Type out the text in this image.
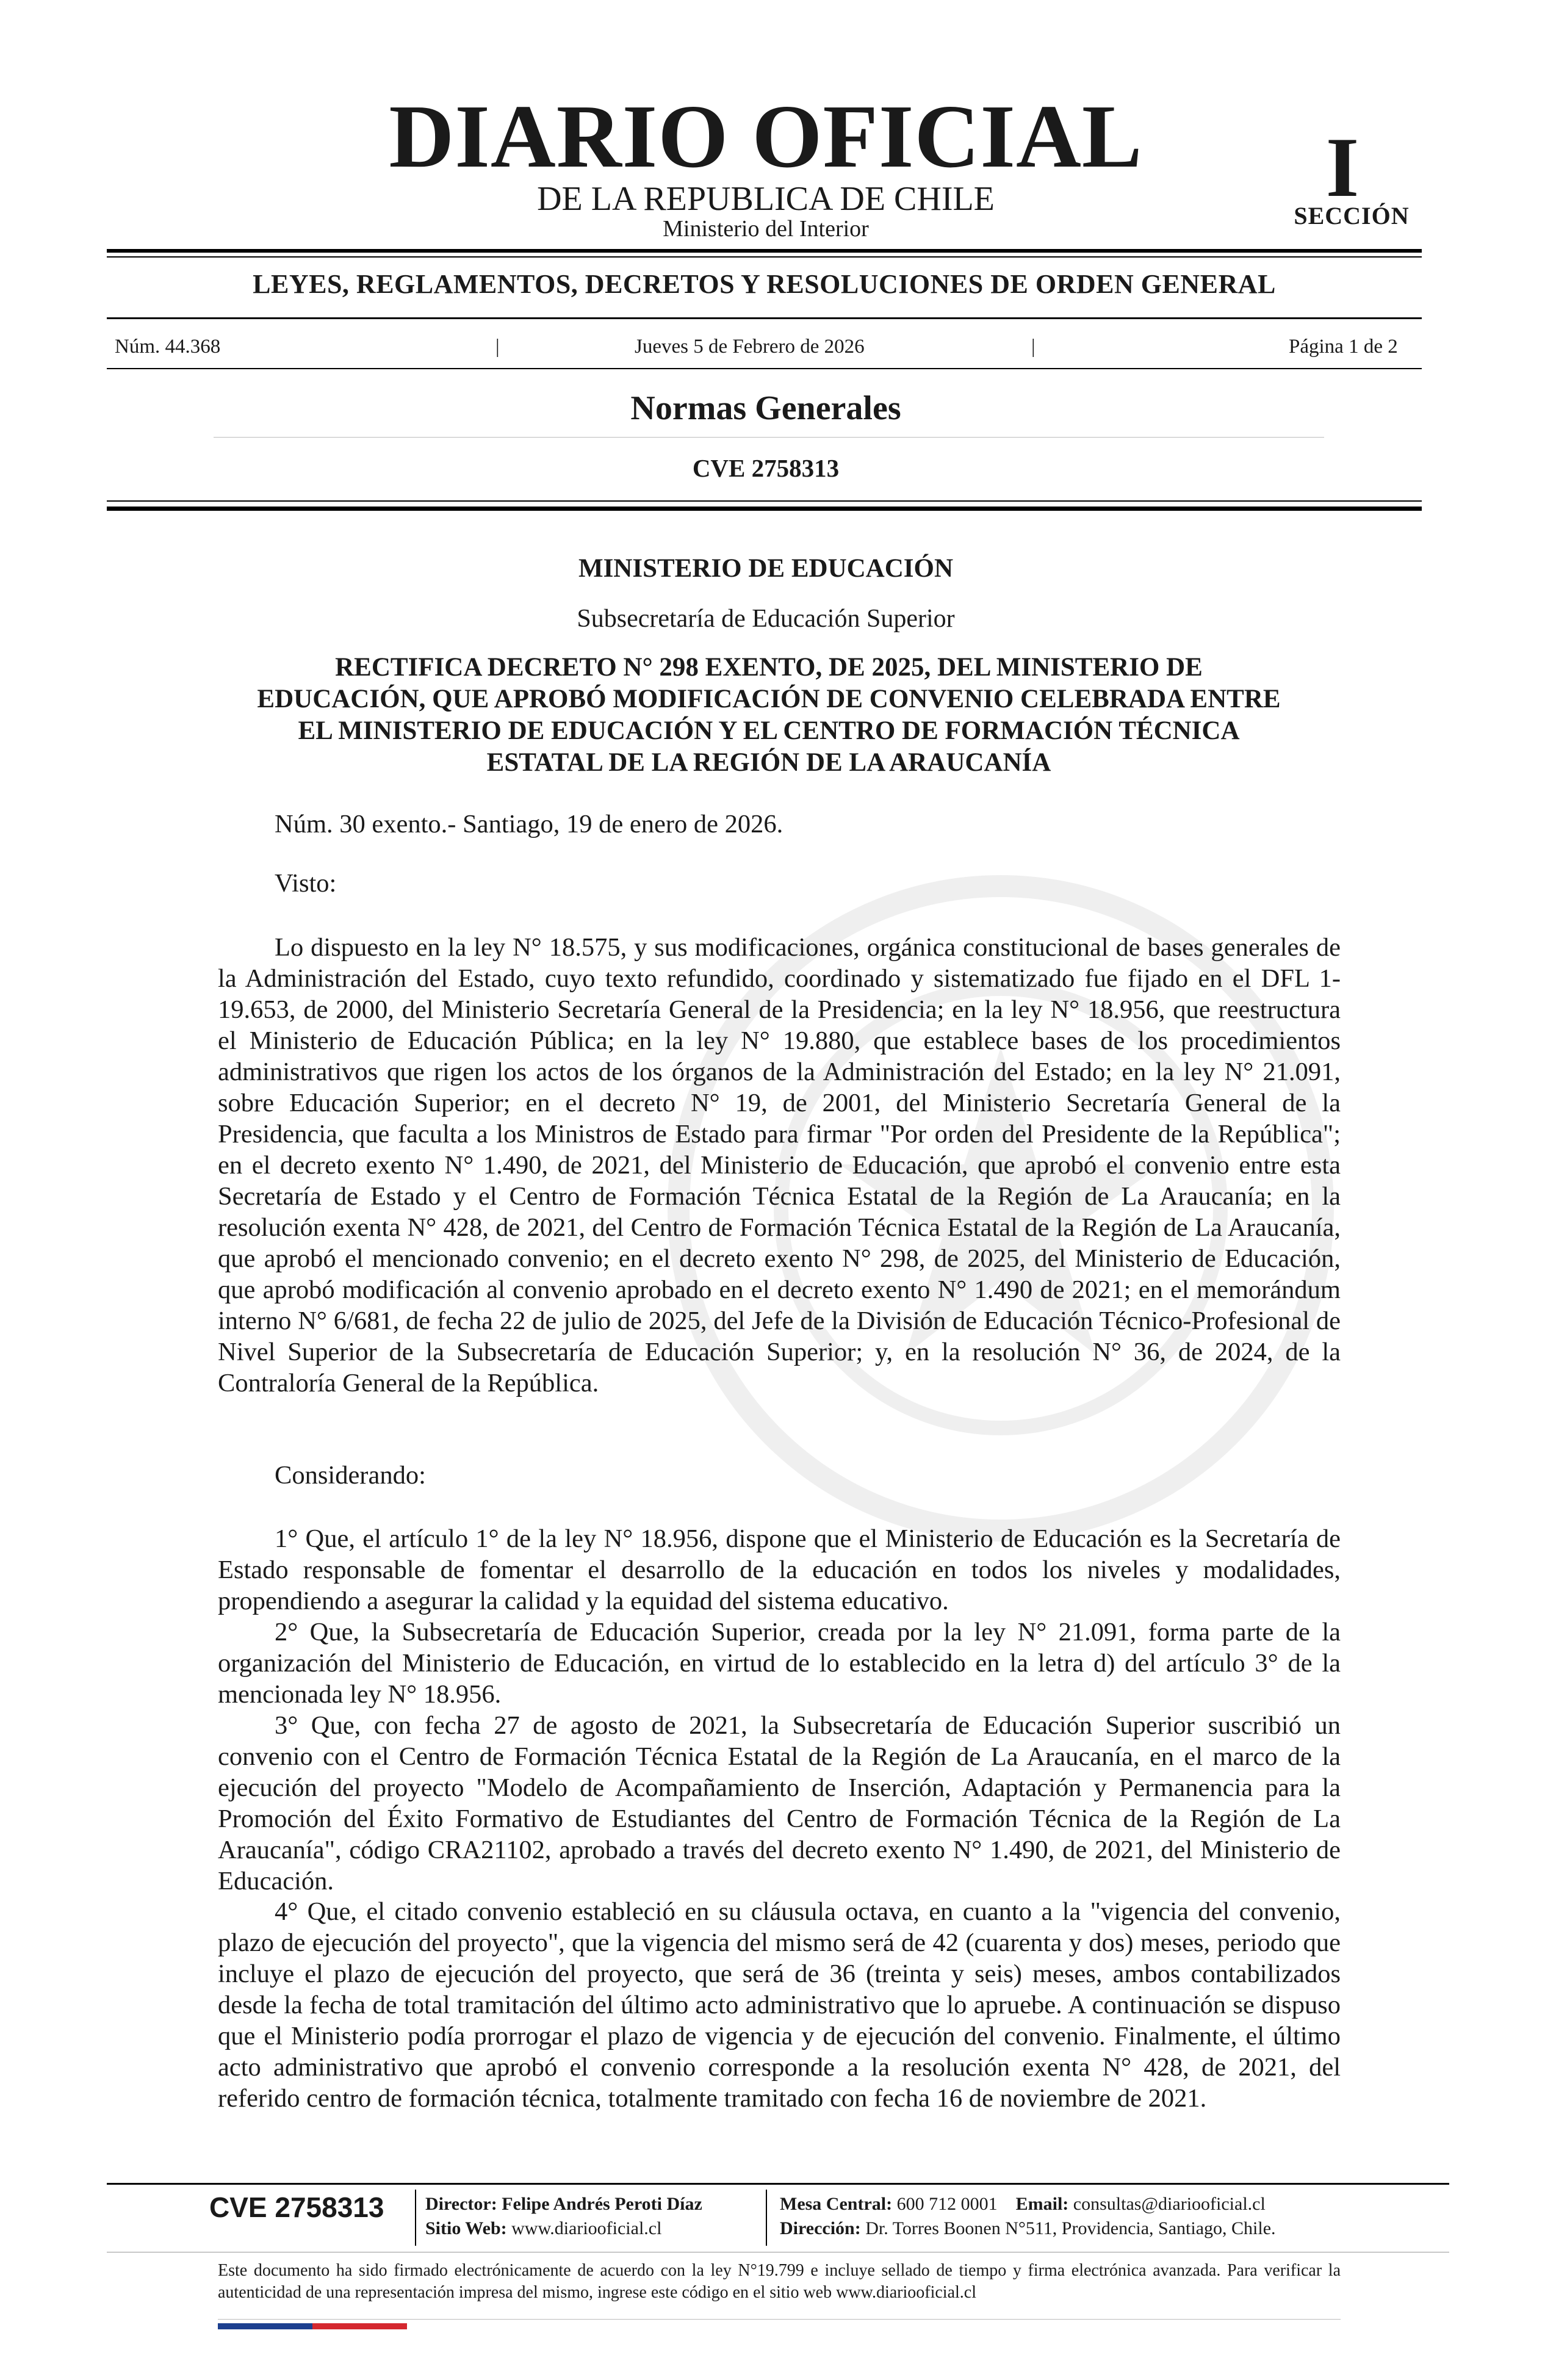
DIARIO OFICIAL
DE LA REPUBLICA DE CHILE
Ministerio del Interior
I
SECCIÓN
LEYES, REGLAMENTOS, DECRETOS Y RESOLUCIONES DE ORDEN GENERAL
Núm. 44.368	|	Jueves 5 de Febrero de 2026	|	Página 1 de 2
Normas Generales
CVE 2758313
MINISTERIO DE EDUCACIÓN
Subsecretaría de Educación Superior
RECTIFICA DECRETO N° 298 EXENTO, DE 2025, DEL MINISTERIO DE EDUCACIÓN, QUE APROBÓ MODIFICACIÓN DE CONVENIO CELEBRADA ENTRE EL MINISTERIO DE EDUCACIÓN Y EL CENTRO DE FORMACIÓN TÉCNICA ESTATAL DE LA REGIÓN DE LA ARAUCANÍA
Núm. 30 exento.- Santiago, 19 de enero de 2026.
Visto:
Lo dispuesto en la ley N° 18.575, y sus modificaciones, orgánica constitucional de bases generales de la Administración del Estado, cuyo texto refundido, coordinado y sistematizado fue fijado en el DFL 1-19.653, de 2000, del Ministerio Secretaría General de la Presidencia; en la ley N° 18.956, que reestructura el Ministerio de Educación Pública; en la ley N° 19.880, que establece bases de los procedimientos administrativos que rigen los actos de los órganos de la Administración del Estado; en la ley N° 21.091, sobre Educación Superior; en el decreto N° 19, de 2001, del Ministerio Secretaría General de la Presidencia, que faculta a los Ministros de Estado para firmar "Por orden del Presidente de la República"; en el decreto exento N° 1.490, de 2021, del Ministerio de Educación, que aprobó el convenio entre esta Secretaría de Estado y el Centro de Formación Técnica Estatal de la Región de La Araucanía; en la resolución exenta N° 428, de 2021, del Centro de Formación Técnica Estatal de la Región de La Araucanía, que aprobó el mencionado convenio; en el decreto exento N° 298, de 2025, del Ministerio de Educación, que aprobó modificación al convenio aprobado en el decreto exento N° 1.490 de 2021; en el memorándum interno N° 6/681, de fecha 22 de julio de 2025, del Jefe de la División de Educación Técnico-Profesional de Nivel Superior de la Subsecretaría de Educación Superior; y, en la resolución N° 36, de 2024, de la Contraloría General de la República.
Considerando:
1° Que, el artículo 1° de la ley N° 18.956, dispone que el Ministerio de Educación es la Secretaría de Estado responsable de fomentar el desarrollo de la educación en todos los niveles y modalidades, propendiendo a asegurar la calidad y la equidad del sistema educativo.
2° Que, la Subsecretaría de Educación Superior, creada por la ley N° 21.091, forma parte de la organización del Ministerio de Educación, en virtud de lo establecido en la letra d) del artículo 3° de la mencionada ley N° 18.956.
3° Que, con fecha 27 de agosto de 2021, la Subsecretaría de Educación Superior suscribió un convenio con el Centro de Formación Técnica Estatal de la Región de La Araucanía, en el marco de la ejecución del proyecto "Modelo de Acompañamiento de Inserción, Adaptación y Permanencia para la Promoción del Éxito Formativo de Estudiantes del Centro de Formación Técnica de la Región de La Araucanía", código CRA21102, aprobado a través del decreto exento N° 1.490, de 2021, del Ministerio de Educación.
4° Que, el citado convenio estableció en su cláusula octava, en cuanto a la "vigencia del convenio, plazo de ejecución del proyecto", que la vigencia del mismo será de 42 (cuarenta y dos) meses, periodo que incluye el plazo de ejecución del proyecto, que será de 36 (treinta y seis) meses, ambos contabilizados desde la fecha de total tramitación del último acto administrativo que lo apruebe. A continuación se dispuso que el Ministerio podía prorrogar el plazo de vigencia y de ejecución del convenio. Finalmente, el último acto administrativo que aprobó el convenio corresponde a la resolución exenta N° 428, de 2021, del referido centro de formación técnica, totalmente tramitado con fecha 16 de noviembre de 2021.
CVE 2758313 Director: Felipe Andrés Peroti Díaz
Sitio Web: www.diariooficial.cl
Mesa Central: 600 712 0001 Email: consultas@diariooficial.cl
Dirección: Dr. Torres Boonen N°511, Providencia, Santiago, Chile.
Este documento ha sido firmado electrónicamente de acuerdo con la ley N°19.799 e incluye sellado de tiempo y firma electrónica avanzada. Para verificar la autenticidad de una representación impresa del mismo, ingrese este código en el sitio web www.diariooficial.cl
